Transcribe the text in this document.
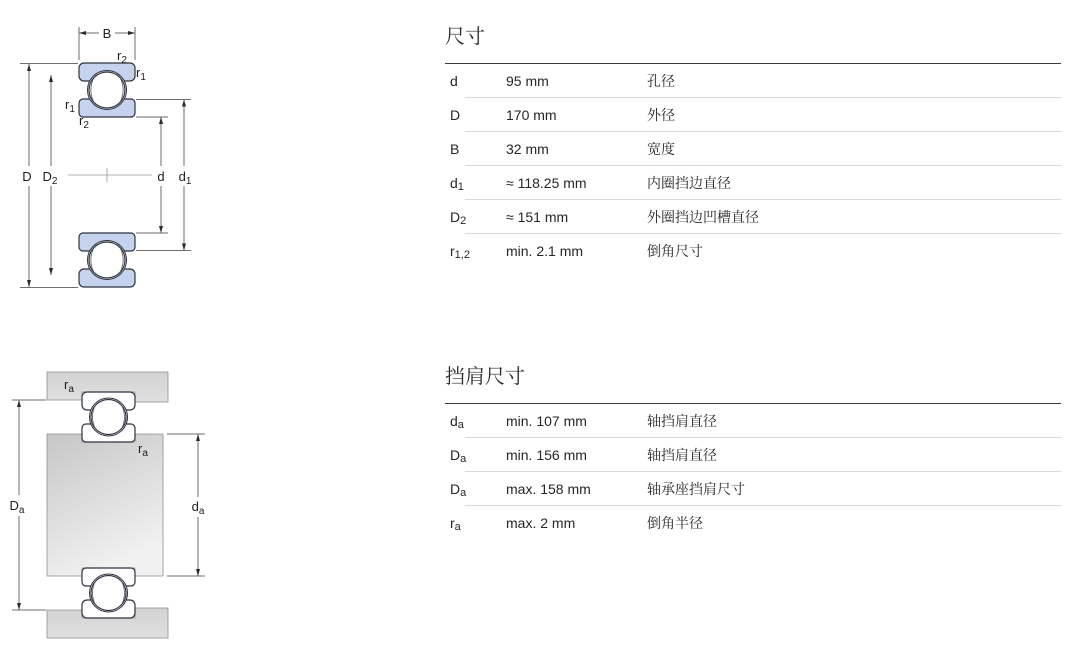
B
$r_2$
$r_1$
$r_1$
$r_2$
D $D_2$	d $d_1$
$r_a$
$r_a$
$D_a$	$d_a$
尺寸
d	95 mm	孔径
D	170 mm	外径
B	32 mm	宽度
$d_1$	≈ 118.25 mm	内圈挡边直径
$D_2$	≈ 151 mm	外圈挡边凹槽直径
$r_{1,2}$	min. 2.1 mm	倒角尺寸
挡肩尺寸
$d_a$	min. 107 mm	轴挡肩直径
$D_a$	min. 156 mm	轴挡肩直径
$D_a$	max. 158 mm	轴承座挡肩尺寸
$r_a$	max. 2 mm	倒角半径
